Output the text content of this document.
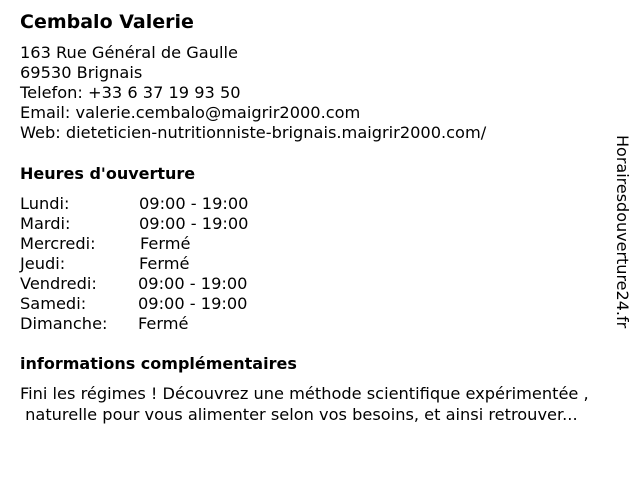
Cembalo Valerie
163 Rue Général de Gaulle
69530 Brignais
Telefon: +33 6 37 19 93 50
Email: valerie.cembalo@maigrir2000.com
Web: dieteticien-nutritionniste-brignais.maigrir2000.com/
Heures d'ouverture
Lundi:	09:00 - 19:00
Mardi:	09:00 - 19:00
Mercredi:	Fermé
Jeudi:	Fermé
Vendredi:	09:00 - 19:00
Samedi:	09:00 - 19:00
Dimanche: Fermé
informations complémentaires
Fini les régimes ! Découvrez une méthode scientifique expérimentée ,
naturelle pour vous alimenter selon vos besoins, et ainsi retrouver...
Horairesdouverture24.fr
